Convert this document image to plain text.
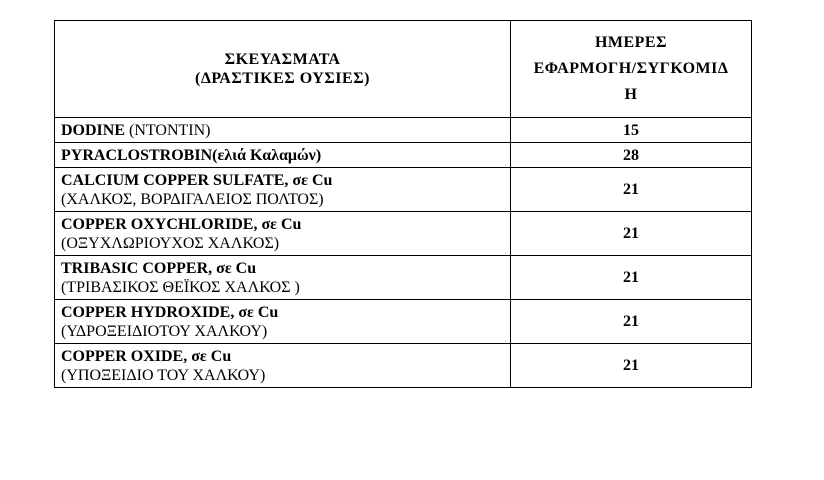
ΣΚΕΥΑΣΜΑΤΑ
(ΔΡΑΣΤΙΚΕΣ ΟΥΣΙΕΣ)	ΗΜΕΡΕΣ
ΕΦΑΡΜΟΓΗ/ΣΥΓΚΟΜΙΔ
Η

DODINE (ΝΤΟΝΤΙΝ)	15
PYRACLOSTROBIN(ελιά Καλαμών)	28

CALCIUM COPPER SULFATE, σε Cu
(ΧΑΛΚΟΣ, ΒΟΡΔΙΓΑΛΕΙΟΣ ΠΟΛΤΟΣ)	21

COPPER OXYCHLORIDE, σε Cu
(ΟΞΥΧΛΩΡΙΟΥΧΟΣ ΧΑΛΚΟΣ)	21

TRIBASIC COPPER, σε Cu
(ΤΡΙΒΑΣΙΚΟΣ ΘΕΪΚΟΣ ΧΑΛΚΟΣ )	21

COPPER HYDROXIDE, σε Cu
(ΥΔΡΟΞΕΙΔΙΟΤΟΥ ΧΑΛΚΟΥ)	21

COPPER OXIDE, σε Cu
(ΥΠΟΞΕΙΔΙΟ ΤΟΥ ΧΑΛΚΟΥ)	21
